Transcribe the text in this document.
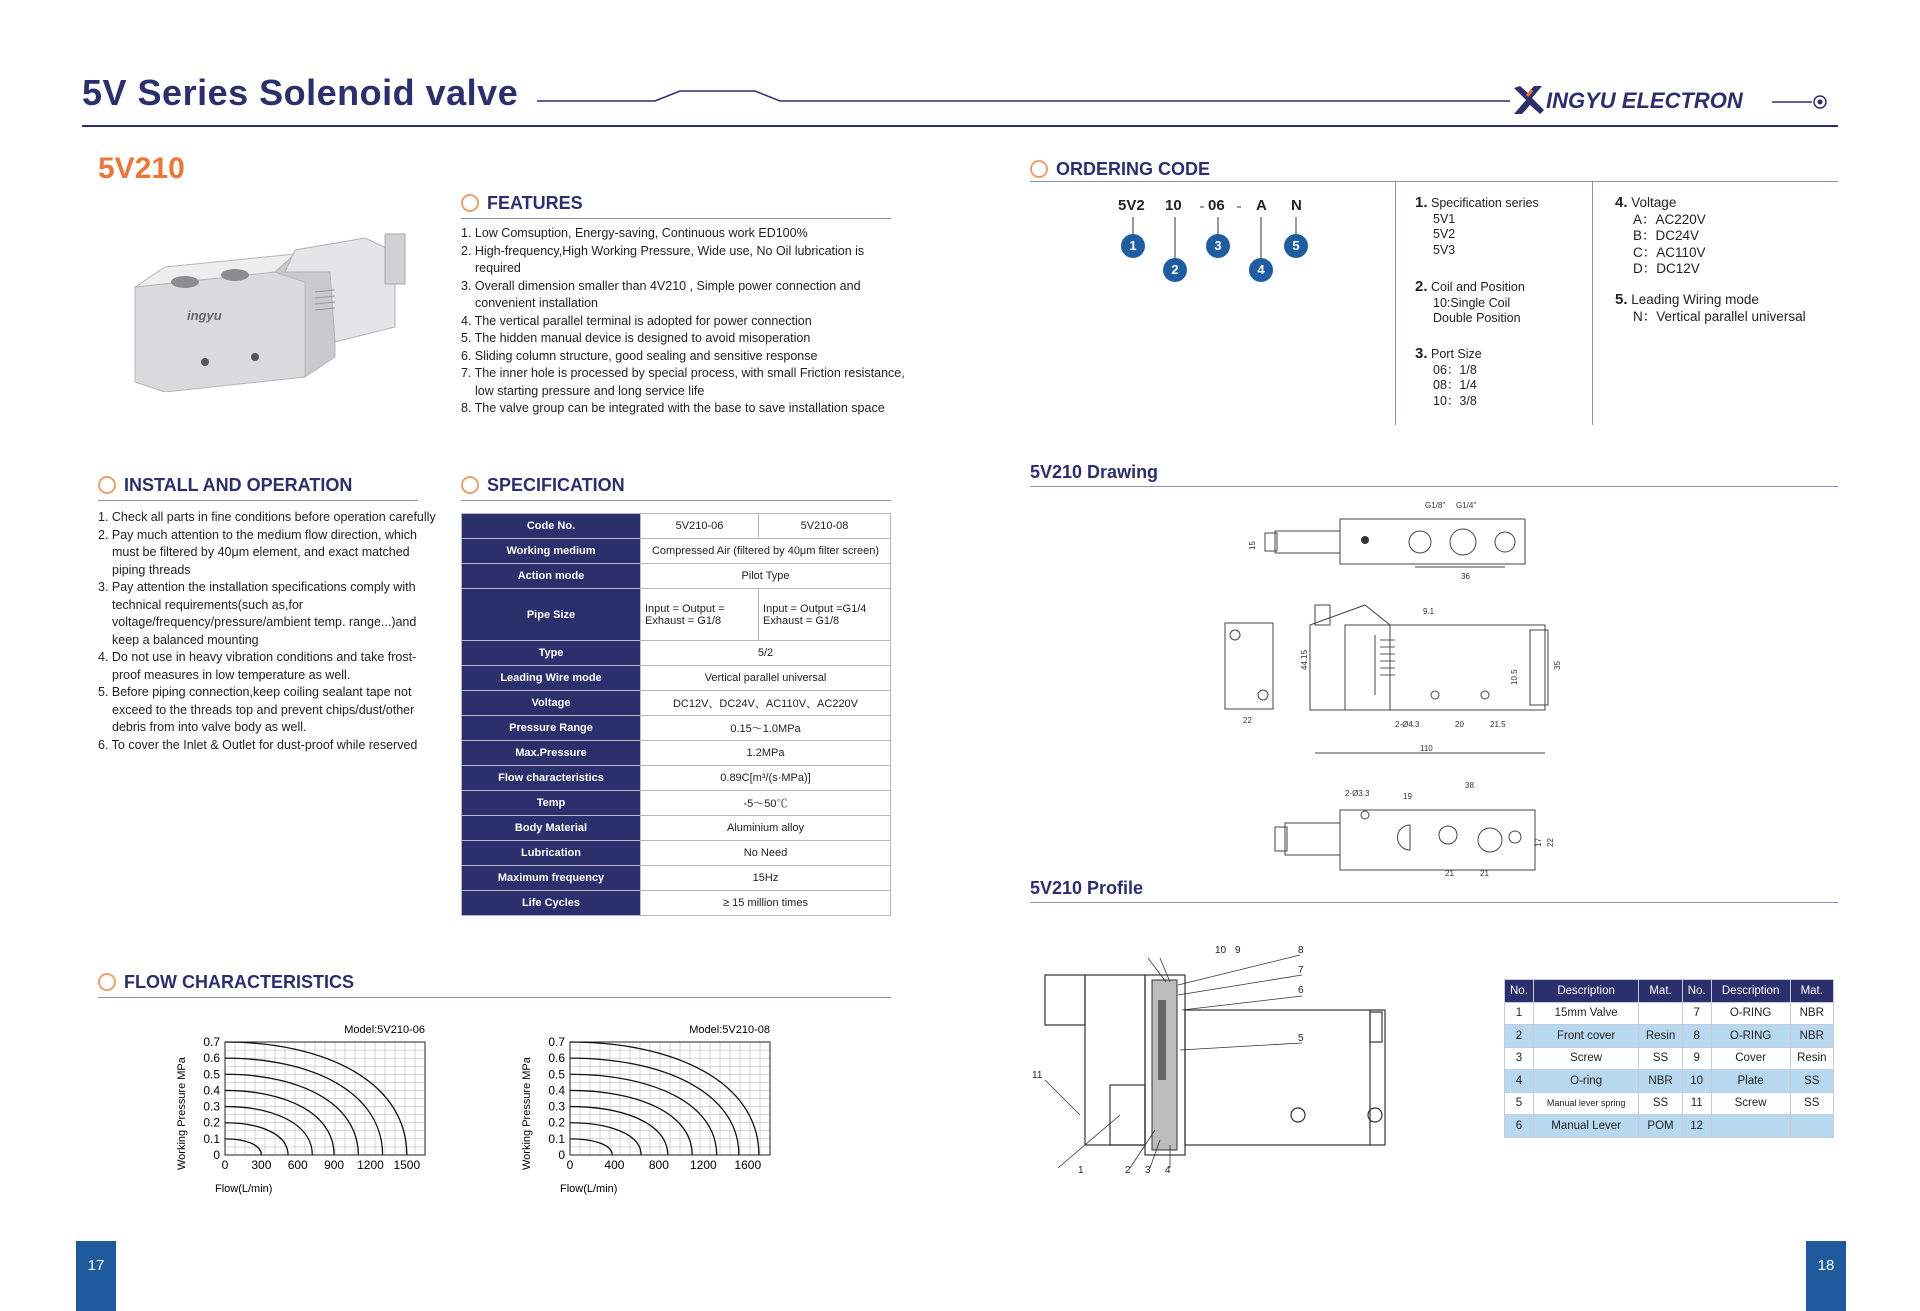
5V Series Solenoid valve	INGYU ELECTRON
5V210
ingyu
FEATURES
1. Low Comsuption, Energy-saving, Continuous work ED100%
2. High-frequency,High Working Pressure, Wide use, No Oil lubrication is required
3. Overall dimension smaller than 4V210 , Simple power connection and convenient installation
4. The vertical parallel terminal is adopted for power connection
5. The hidden manual device is designed to avoid misoperation
6. Sliding column structure, good sealing and sensitive response
7. The inner hole is processed by special process, with small Friction resistance, low starting pressure and long service life
8. The valve group can be integrated with the base to save installation space
INSTALL AND OPERATION
1. Check all parts in fine conditions before operation carefully
2. Pay much attention to the medium flow direction, which must be filtered by 40μm element, and exact matched piping threads
3. Pay attention the installation specifications comply with technical requirements(such as,for voltage/frequency/pressure/ambient temp. range...)and keep a balanced mounting
4. Do not use in heavy vibration conditions and take frost-proof measures in low temperature as well.
5. Before piping connection,keep coiling sealant tape not exceed to the threads top and prevent chips/dust/other debris from into valve body as well.
6. To cover the Inlet & Outlet for dust-proof while reserved
SPECIFICATION
Code No.	5V210-06	5V210-08
Working medium	Compressed Air (filtered by 40μm filter screen)	
Action mode	Pilot Type	
Pipe Size	Input = Output = Exhaust = G1/8	Input = Output =G1/4 Exhaust = G1/8
Type	5/2	
Leading Wire mode	Vertical parallel universal	
Voltage	DC12V、DC24V、AC110V、AC220V	
Pressure Range	0.15〜1.0MPa	
Max.Pressure	1.2MPa	
Flow characteristics	0.89C[m³/(s·MPa)]	
Temp	-5〜50℃	
Body Material	Aluminium alloy	
Lubrication	No Need	
Maximum frequency	15Hz	
Life Cycles	≥ 15 million times	
FLOW CHARACTERISTICS
Model:5V210-06
0
0.1
0.2
0.3
0.4
0.5
0.6
0.7
0 300 600 900 1200 1500
Flow(L/min)
Working Pressure MPa
Model:5V210-08
0
0.1
0.2
0.3
0.4
0.5
0.6
0.7
0	400 800 1200 1600
Flow(L/min)
Working Pressure MPa
ORDERING CODE
5V2 10 06 A N
1
2
3
4
5
1. Specification series
5V1
5V2
5V3
2. Coil and Position
10:Single Coil
Double Position
3. Port Size
06：1/8
08：1/4
10：3/8
4. Voltage
A：AC220V
B：DC24V
C：AC110V
D：DC12V
5. Leading Wiring mode
N：Vertical parallel universal
5V210 Drawing
G1/8" G1/4"
15
36
9.1
44.15
10.5
35
22	2-Ø4.3	20	21.5
110
2-Ø3.3
38
19
17 22
21	21
5V210 Profile
10 9	8
7
6
5
11
1	2 3 4
No.	Description	Mat.	No.	Description	Mat.
1	15mm Valve		7	O-RING	NBR
2	Front cover	Resin	8	O-RING	NBR
3	Screw	SS	9	Cover	Resin
4	O-ring	NBR	10	Plate	SS
5	Manual lever spring	SS	11	Screw	SS
6	Manual Lever	POM	12		
17	18
